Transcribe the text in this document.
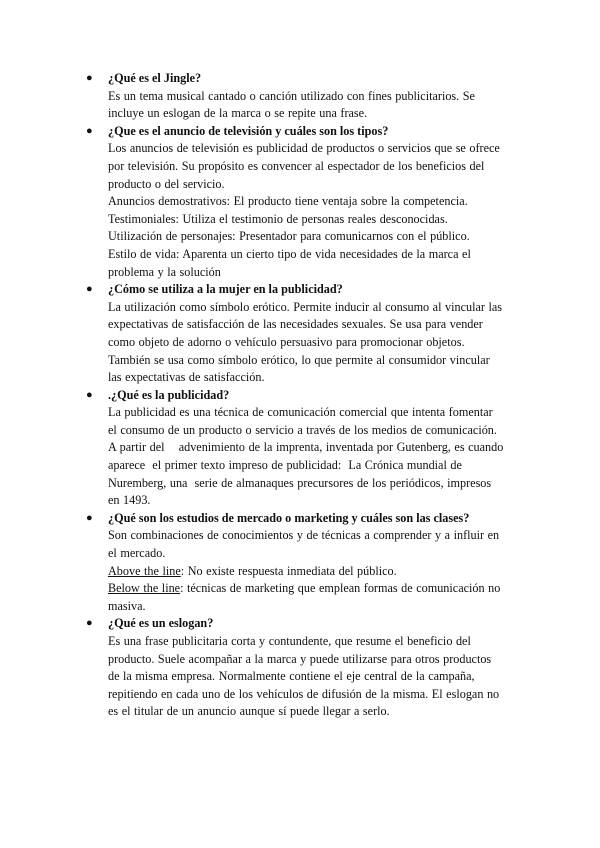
● ¿Qué es el Jingle?
Es un tema musical cantado o canción utilizado con fines publicitarios. Se
incluye un eslogan de la marca o se repite una frase.
● ¿Que es el anuncio de televisión y cuáles son los tipos?
Los anuncios de televisión es publicidad de productos o servicios que se ofrece
por televisión. Su propósito es convencer al espectador de los beneficios del
producto o del servicio.
Anuncios demostrativos: El producto tiene ventaja sobre la competencia.
Testimoniales: Utiliza el testimonio de personas reales desconocidas.
Utilización de personajes: Presentador para comunicarnos con el público.
Estilo de vida: Aparenta un cierto tipo de vida necesidades de la marca el
problema y la solución
● ¿Cómo se utiliza a la mujer en la publicidad?
La utilización como símbolo erótico. Permite inducir al consumo al vincular las
expectativas de satisfacción de las necesidades sexuales. Se usa para vender
como objeto de adorno o vehículo persuasivo para promocionar objetos.
También se usa como símbolo erótico, lo que permite al consumidor vincular
las expectativas de satisfacción.
● .¿Qué es la publicidad?
La publicidad es una técnica de comunicación comercial que intenta fomentar
el consumo de un producto o servicio a través de los medios de comunicación.
A partir del    advenimiento de la imprenta, inventada por Gutenberg, es cuando
aparece  el primer texto impreso de publicidad:  La Crónica mundial de
Nuremberg, una  serie de almanaques precursores de los periódicos, impresos
en 1493.
● ¿Qué son los estudios de mercado o marketing y cuáles son las clases?
Son combinaciones de conocimientos y de técnicas a comprender y a influir en
el mercado.
Above the line: No existe respuesta inmediata del público.
Below the line: técnicas de marketing que emplean formas de comunicación no
masiva.
● ¿Qué es un eslogan?
Es una frase publicitaria corta y contundente, que resume el beneficio del
producto. Suele acompañar a la marca y puede utilizarse para otros productos
de la misma empresa. Normalmente contiene el eje central de la campaña,
repitiendo en cada uno de los vehículos de difusión de la misma. El eslogan no
es el titular de un anuncio aunque sí puede llegar a serlo.
